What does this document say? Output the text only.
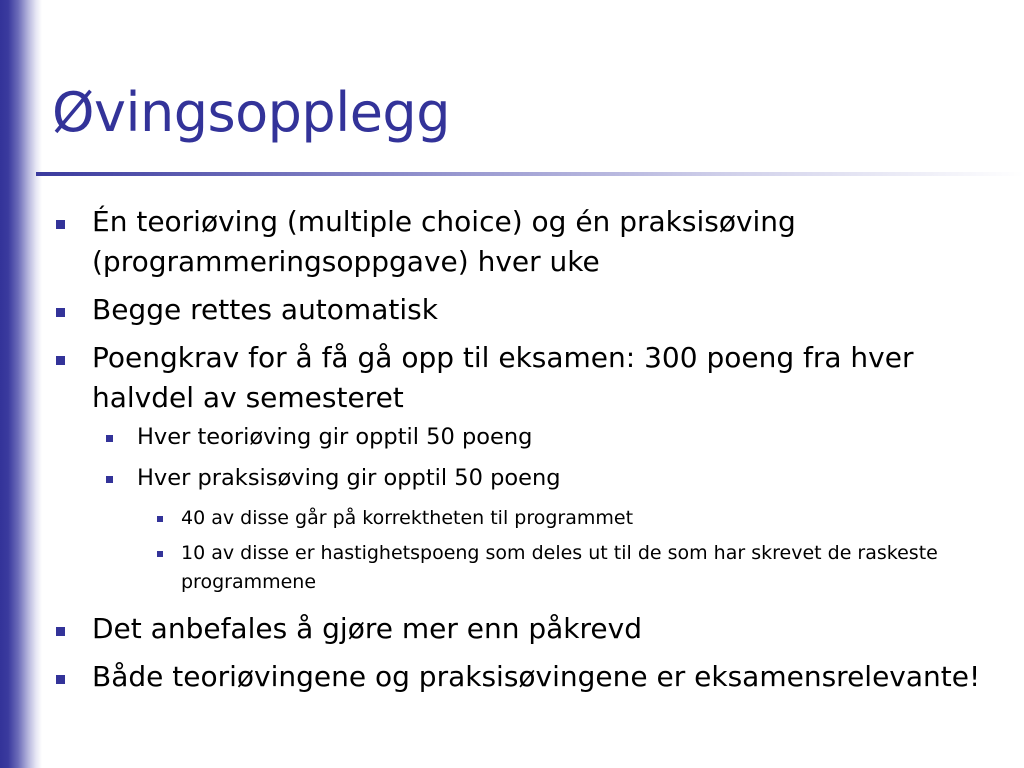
Øvingsopplegg
Én teoriøving (multiple choice) og én praksisøving (programmeringsoppgave) hver uke
Begge rettes automatisk
Poengkrav for å få gå opp til eksamen: 300 poeng fra hver halvdel av semesteret
Hver teoriøving gir opptil 50 poeng
Hver praksisøving gir opptil 50 poeng
40 av disse går på korrektheten til programmet
10 av disse er hastighetspoeng som deles ut til de som har skrevet de raskeste programmene
Det anbefales å gjøre mer enn påkrevd
Både teoriøvingene og praksisøvingene er eksamensrelevante!
